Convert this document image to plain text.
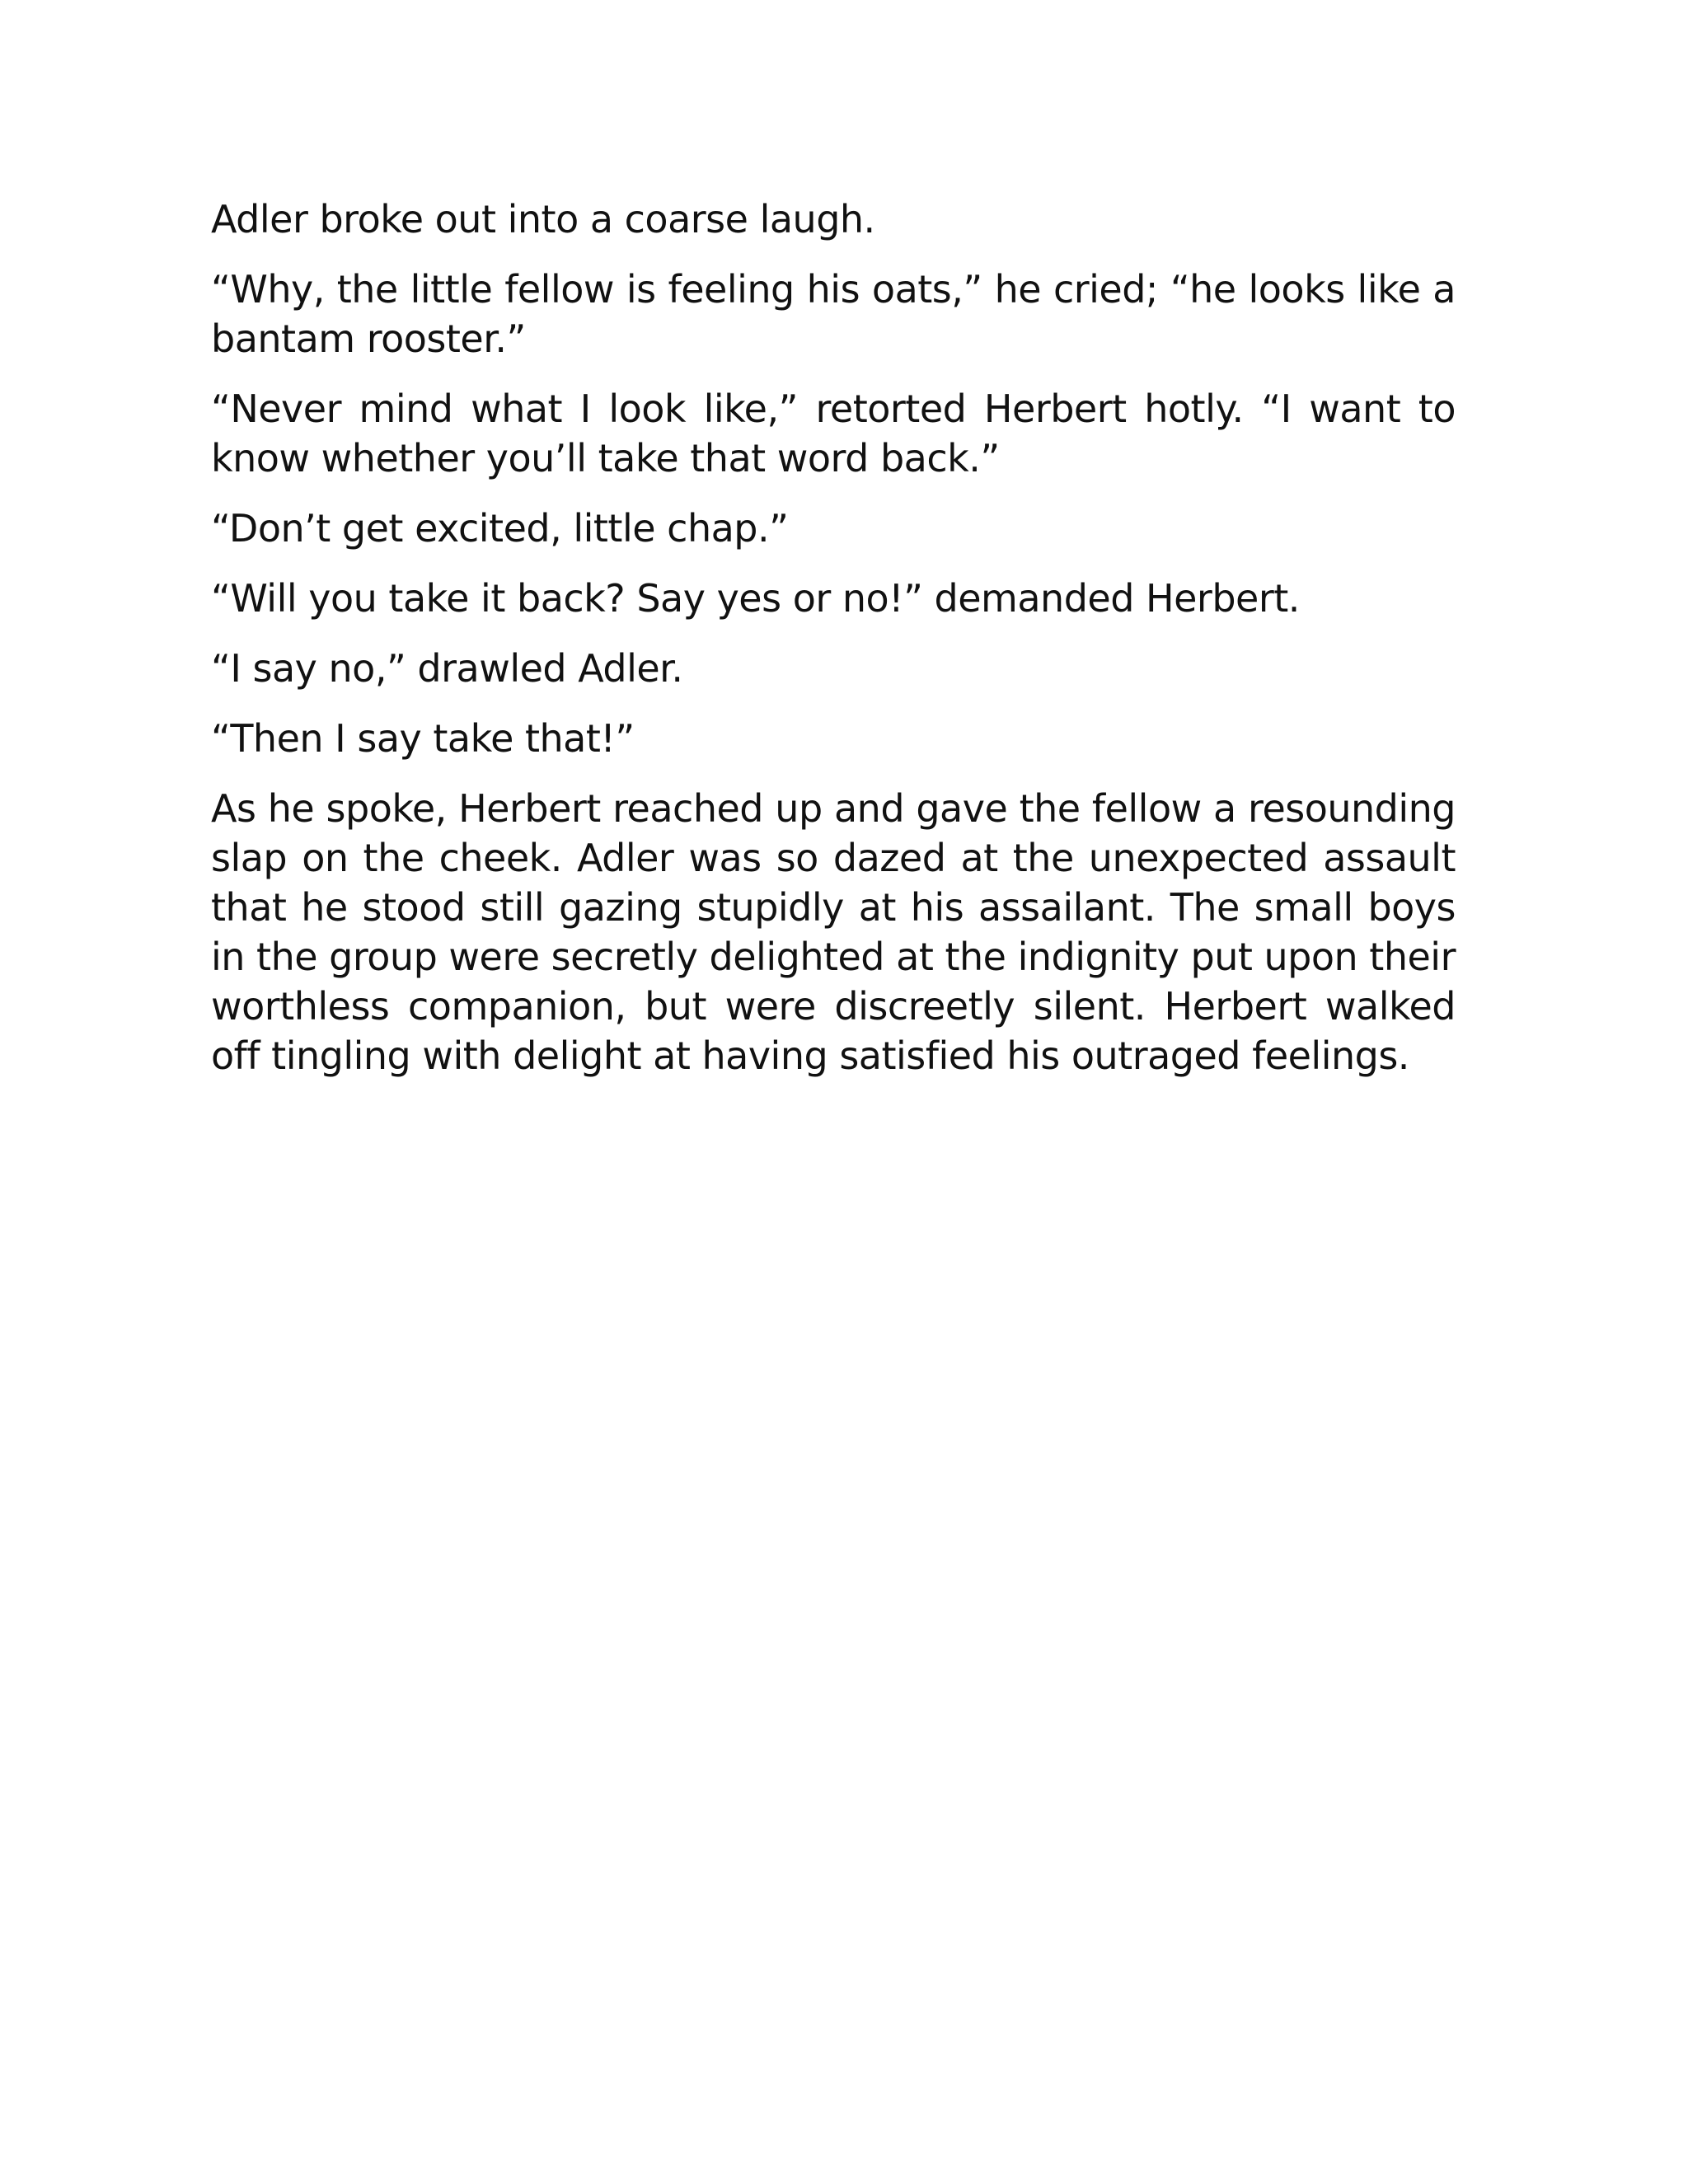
Adler broke out into a coarse laugh.

“Why, the little fellow is feeling his oats,” he cried; “he looks like a bantam rooster.”

“Never mind what I look like,” retorted Herbert hotly. “I want to know whether you’ll take that word back.”

“Don’t get excited, little chap.”

“Will you take it back? Say yes or no!” demanded Herbert.

“I say no,” drawled Adler.

“Then I say take that!”

As he spoke, Herbert reached up and gave the fellow a resounding slap on the cheek. Adler was so dazed at the unexpected assault that he stood still gazing stupidly at his assailant. The small boys in the group were secretly delighted at the indignity put upon their worthless companion, but were discreetly silent. Herbert walked off tingling with delight at having satisfied his outraged feelings.
